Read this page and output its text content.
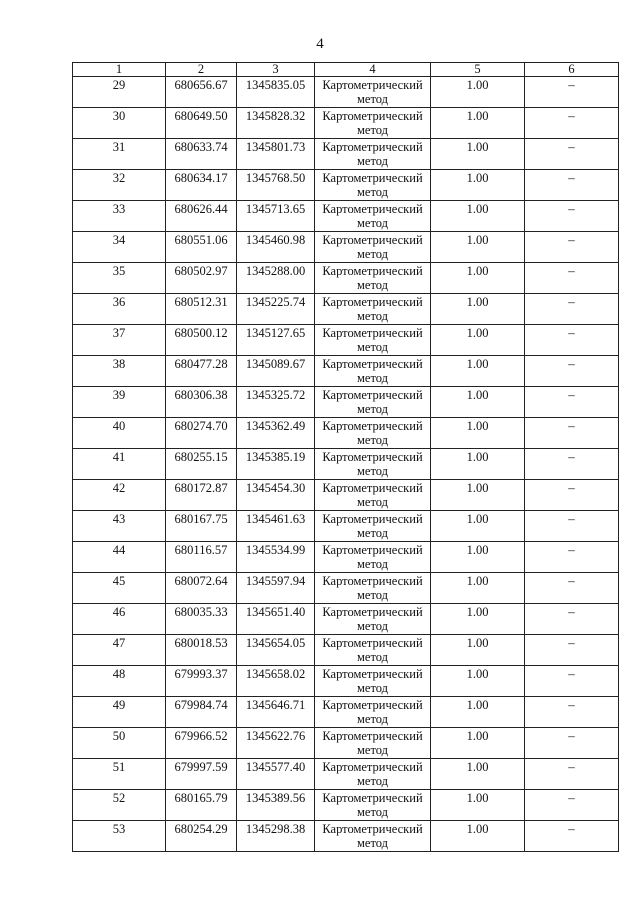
4
1	2	3	4	5	6
29	680656.67	1345835.05	Картометрический метод	1.00	–
30	680649.50	1345828.32	Картометрический метод	1.00	–
31	680633.74	1345801.73	Картометрический метод	1.00	–
32	680634.17	1345768.50	Картометрический метод	1.00	–
33	680626.44	1345713.65	Картометрический метод	1.00	–
34	680551.06	1345460.98	Картометрический метод	1.00	–
35	680502.97	1345288.00	Картометрический метод	1.00	–
36	680512.31	1345225.74	Картометрический метод	1.00	–
37	680500.12	1345127.65	Картометрический метод	1.00	–
38	680477.28	1345089.67	Картометрический метод	1.00	–
39	680306.38	1345325.72	Картометрический метод	1.00	–
40	680274.70	1345362.49	Картометрический метод	1.00	–
41	680255.15	1345385.19	Картометрический метод	1.00	–
42	680172.87	1345454.30	Картометрический метод	1.00	–
43	680167.75	1345461.63	Картометрический метод	1.00	–
44	680116.57	1345534.99	Картометрический метод	1.00	–
45	680072.64	1345597.94	Картометрический метод	1.00	–
46	680035.33	1345651.40	Картометрический метод	1.00	–
47	680018.53	1345654.05	Картометрический метод	1.00	–
48	679993.37	1345658.02	Картометрический метод	1.00	–
49	679984.74	1345646.71	Картометрический метод	1.00	–
50	679966.52	1345622.76	Картометрический метод	1.00	–
51	679997.59	1345577.40	Картометрический метод	1.00	–
52	680165.79	1345389.56	Картометрический метод	1.00	–
53	680254.29	1345298.38	Картометрический метод	1.00	–
